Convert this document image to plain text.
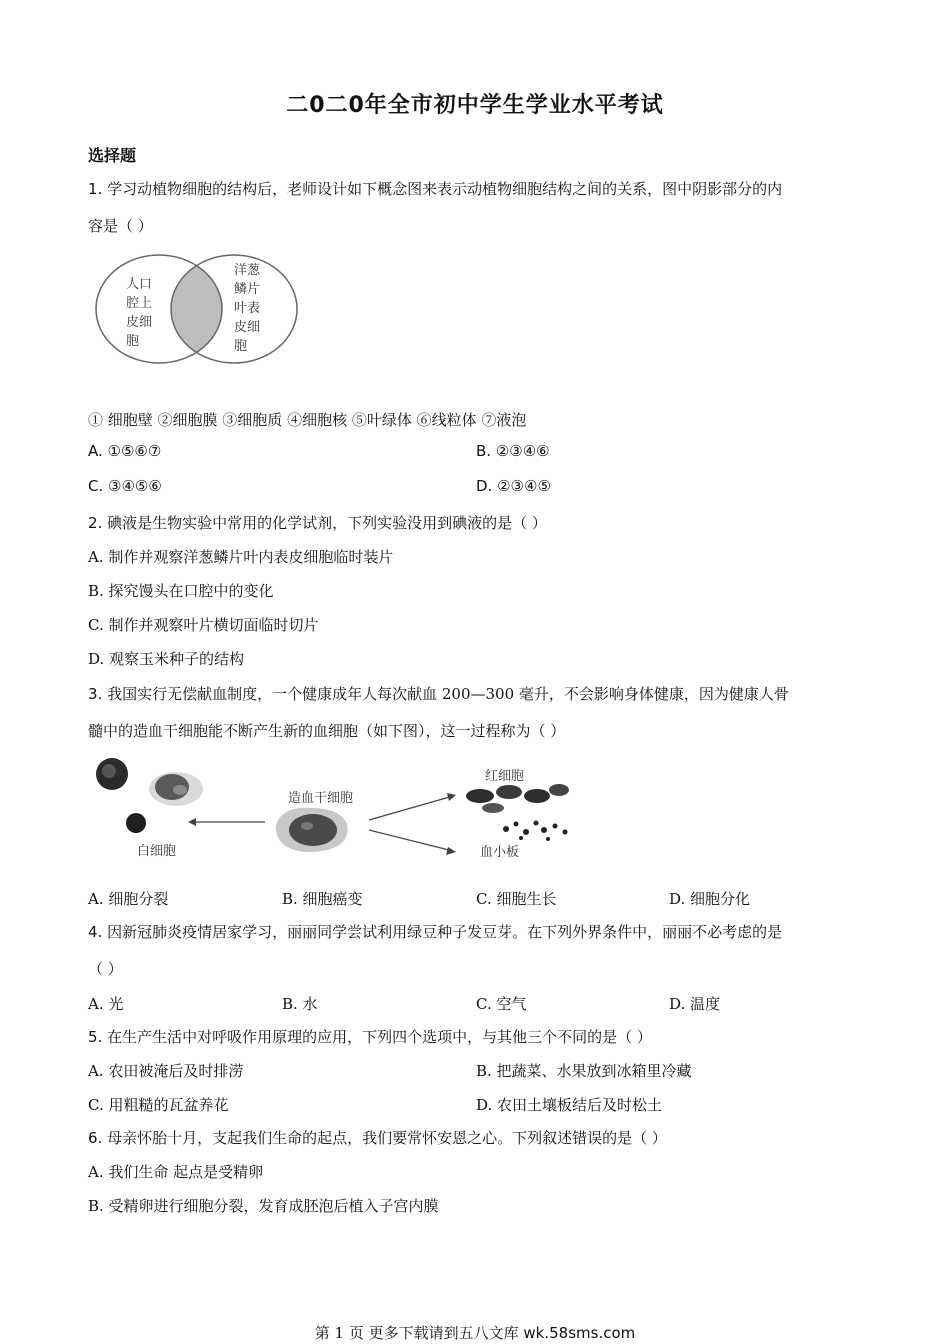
二0二0年全市初中学生学业水平考试
选择题
1. 学习动植物细胞的结构后，老师设计如下概念图来表示动植物细胞结构之间的关系，图中阴影部分的内
容是（ ）
人口
腔上
皮细
胞
洋葱
鳞片
叶表
皮细
胞
① 细胞壁 ②细胞膜 ③细胞质 ④细胞核 ⑤叶绿体 ⑥线粒体 ⑦液泡
A. ①⑤⑥⑦	B. ②③④⑥
C. ③④⑤⑥	D. ②③④⑤
2. 碘液是生物实验中常用的化学试剂，下列实验没用到碘液的是（ ）
A. 制作并观察洋葱鳞片叶内表皮细胞临时装片
B. 探究馒头在口腔中的变化
C. 制作并观察叶片横切面临时切片
D. 观察玉米种子的结构
3. 我国实行无偿献血制度，一个健康成年人每次献血 200—300 毫升，不会影响身体健康，因为健康人骨
髓中的造血干细胞能不断产生新的血细胞（如下图），这一过程称为（ ）
白细胞
造血干细胞
红细胞
血小板
A. 细胞分裂	B. 细胞癌变	C. 细胞生长	D. 细胞分化
4. 因新冠肺炎疫情居家学习，丽丽同学尝试利用绿豆种子发豆芽。在下列外界条件中，丽丽不必考虑的是
（ ）
A. 光	B. 水	C. 空气	D. 温度
5. 在生产生活中对呼吸作用原理的应用，下列四个选项中，与其他三个不同的是（ ）
A. 农田被淹后及时排涝	B. 把蔬菜、水果放到冰箱里冷藏
C. 用粗糙的瓦盆养花	D. 农田土壤板结后及时松土
6. 母亲怀胎十月，支起我们生命的起点，我们要常怀安恩之心。下列叙述错误的是（ ）
A. 我们生命 起点是受精卵
B. 受精卵进行细胞分裂，发育成胚泡后植入子宫内膜
第 1 页 更多下载请到五八文库 wk.58sms.com
